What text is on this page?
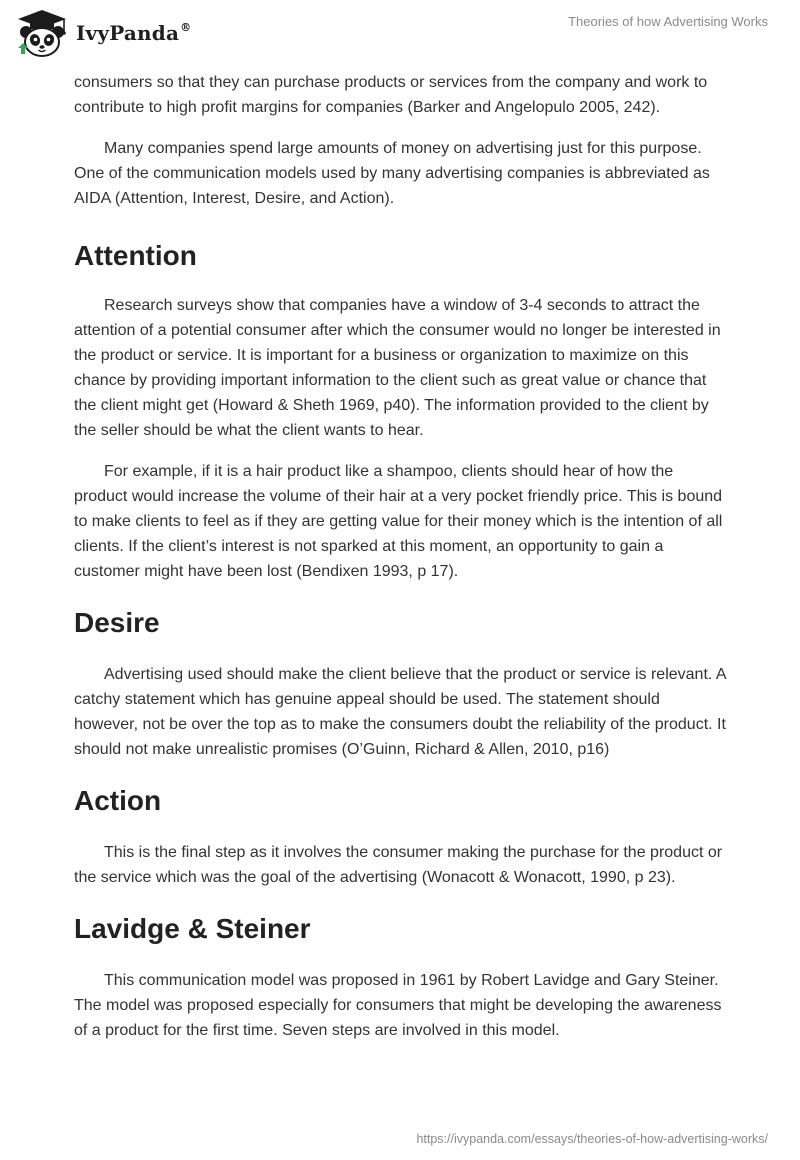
IvyPanda®	Theories of how Advertising Works

consumers so that they can purchase products or services from the company and work to contribute to high profit margins for companies (Barker and Angelopulo 2005, 242).

Many companies spend large amounts of money on advertising just for this purpose. One of the communication models used by many advertising companies is abbreviated as AIDA (Attention, Interest, Desire, and Action).

Attention

Research surveys show that companies have a window of 3-4 seconds to attract the attention of a potential consumer after which the consumer would no longer be interested in the product or service. It is important for a business or organization to maximize on this chance by providing important information to the client such as great value or chance that the client might get (Howard & Sheth 1969, p40). The information provided to the client by the seller should be what the client wants to hear.

For example, if it is a hair product like a shampoo, clients should hear of how the product would increase the volume of their hair at a very pocket friendly price. This is bound to make clients to feel as if they are getting value for their money which is the intention of all clients. If the client’s interest is not sparked at this moment, an opportunity to gain a customer might have been lost (Bendixen 1993, p 17).

Desire

Advertising used should make the client believe that the product or service is relevant. A catchy statement which has genuine appeal should be used. The statement should however, not be over the top as to make the consumers doubt the reliability of the product. It should not make unrealistic promises (O’Guinn, Richard & Allen, 2010, p16)

Action

This is the final step as it involves the consumer making the purchase for the product or the service which was the goal of the advertising (Wonacott & Wonacott, 1990, p 23).

Lavidge & Steiner

This communication model was proposed in 1961 by Robert Lavidge and Gary Steiner. The model was proposed especially for consumers that might be developing the awareness of a product for the first time. Seven steps are involved in this model.

https://ivypanda.com/essays/theories-of-how-advertising-works/
